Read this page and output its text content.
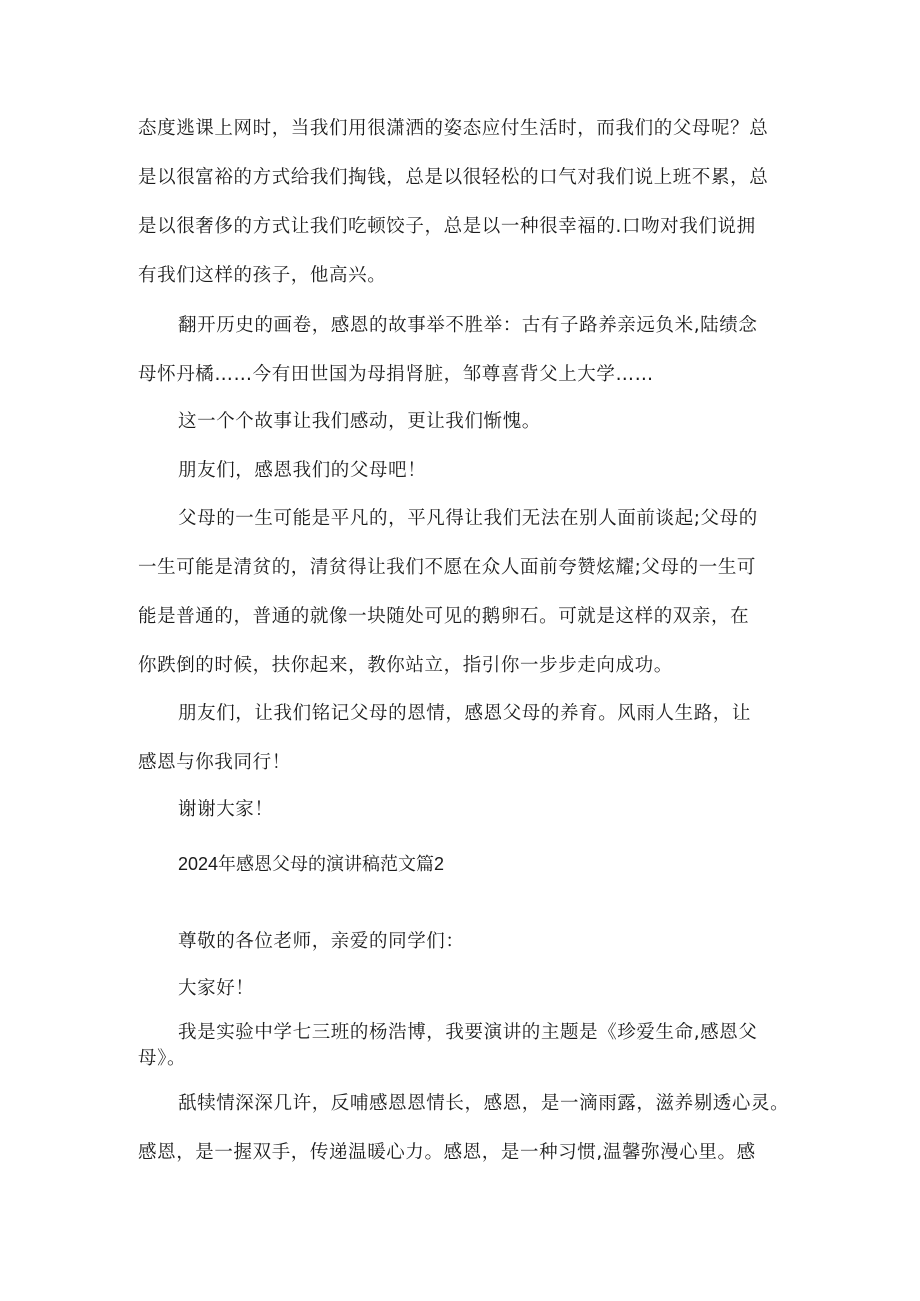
态度逃课上网时，当我们用很潇洒的姿态应付生活时，而我们的父母呢？总
是以很富裕的方式给我们掏钱，总是以很轻松的口气对我们说上班不累，总
是以很奢侈的方式让我们吃顿饺子，总是以一种很幸福的.口吻对我们说拥
有我们这样的孩子，他高兴。

翻开历史的画卷，感恩的故事举不胜举：古有子路养亲远负米,陆绩念
母怀丹橘……今有田世国为母捐肾脏，邹尊喜背父上大学……

这一个个故事让我们感动，更让我们惭愧。

朋友们，感恩我们的父母吧！

父母的一生可能是平凡的，平凡得让我们无法在别人面前谈起;父母的
一生可能是清贫的，清贫得让我们不愿在众人面前夸赞炫耀;父母的一生可
能是普通的，普通的就像一块随处可见的鹅卵石。可就是这样的双亲，在
你跌倒的时候，扶你起来，教你站立，指引你一步步走向成功。

朋友们，让我们铭记父母的恩情，感恩父母的养育。风雨人生路，让
感恩与你我同行！

谢谢大家！

2024年感恩父母的演讲稿范文篇2

尊敬的各位老师，亲爱的同学们：

大家好！

我是实验中学七三班的杨浩博，我要演讲的主题是《珍爱生命,感恩父
母》。

舐犊情深深几许，反哺感恩恩情长，感恩，是一滴雨露，滋养剔透心灵。
感恩，是一握双手，传递温暖心力。感恩，是一种习惯,温馨弥漫心里。感
